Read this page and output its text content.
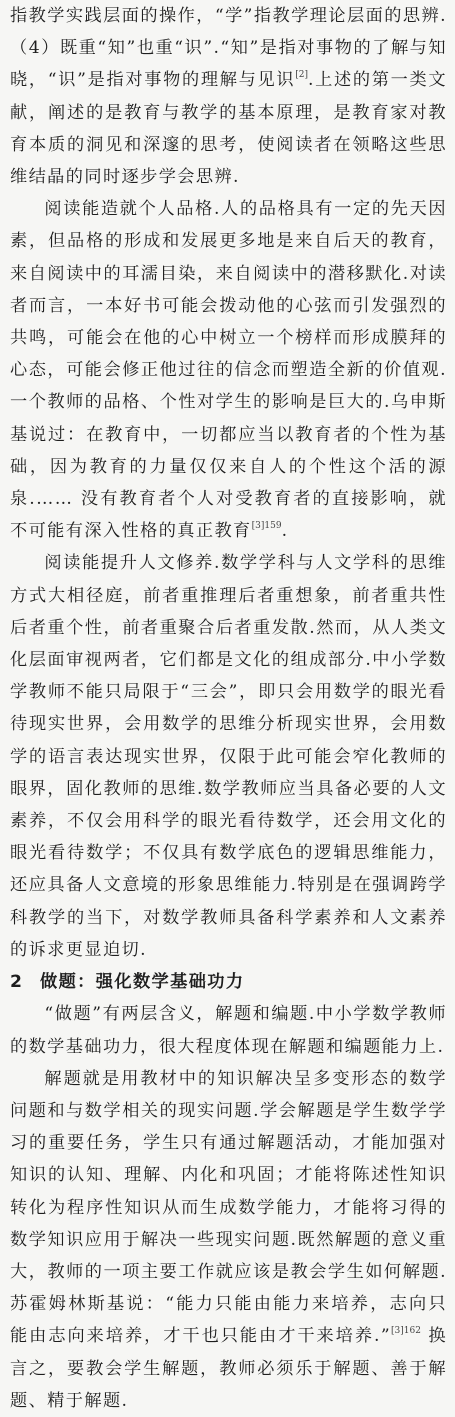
指教学实践层面的操作，“学”指教学理论层面的思辨.（4）既重“知”也重“识”.“知”是指对事物的了解与知晓，“识”是指对事物的理解与见识[2].上述的第一类文献，阐述的是教育与教学的基本原理，是教育家对教育本质的洞见和深邃的思考，使阅读者在领略这些思维结晶的同时逐步学会思辨.

阅读能造就个人品格.人的品格具有一定的先天因素，但品格的形成和发展更多地是来自后天的教育，来自阅读中的耳濡目染，来自阅读中的潜移默化.对读者而言，一本好书可能会拨动他的心弦而引发强烈的共鸣，可能会在他的心中树立一个榜样而形成膜拜的心态，可能会修正他过往的信念而塑造全新的价值观.一个教师的品格、个性对学生的影响是巨大的.乌申斯基说过：在教育中，一切都应当以教育者的个性为基础，因为教育的力量仅仅来自人的个性这个活的源泉.…… 没有教育者个人对受教育者的直接影响，就不可能有深入性格的真正教育$^{[3]159}$.

阅读能提升人文修养.数学学科与人文学科的思维方式大相径庭，前者重推理后者重想象，前者重共性后者重个性，前者重聚合后者重发散.然而，从人类文化层面审视两者，它们都是文化的组成部分.中小学数学教师不能只局限于“三会”，即只会用数学的眼光看待现实世界，会用数学的思维分析现实世界，会用数学的语言表达现实世界，仅限于此可能会窄化教师的眼界，固化教师的思维.数学教师应当具备必要的人文素养，不仅会用科学的眼光看待数学，还会用文化的眼光看待数学；不仅具有数学底色的逻辑思维能力，还应具备人文意境的形象思维能力.特别是在强调跨学科教学的当下，对数学教师具备科学素养和人文素养的诉求更显迫切.

2 做题：强化数学基础功力

“做题”有两层含义，解题和编题.中小学数学教师的数学基础功力，很大程度体现在解题和编题能力上.

解题就是用教材中的知识解决呈多变形态的数学问题和与数学相关的现实问题.学会解题是学生数学学习的重要任务，学生只有通过解题活动，才能加强对知识的认知、理解、内化和巩固；才能将陈述性知识转化为程序性知识从而生成数学能力，才能将习得的数学知识应用于解决一些现实问题.既然解题的意义重大，教师的一项主要工作就应该是教会学生如何解题.苏霍姆林斯基说：“能力只能由能力来培养，志向只能由志向来培养，才干也只能由才干来培养.”$^{[3]162}$ 换言之，要教会学生解题，教师必须乐于解题、善于解题、精于解题.
